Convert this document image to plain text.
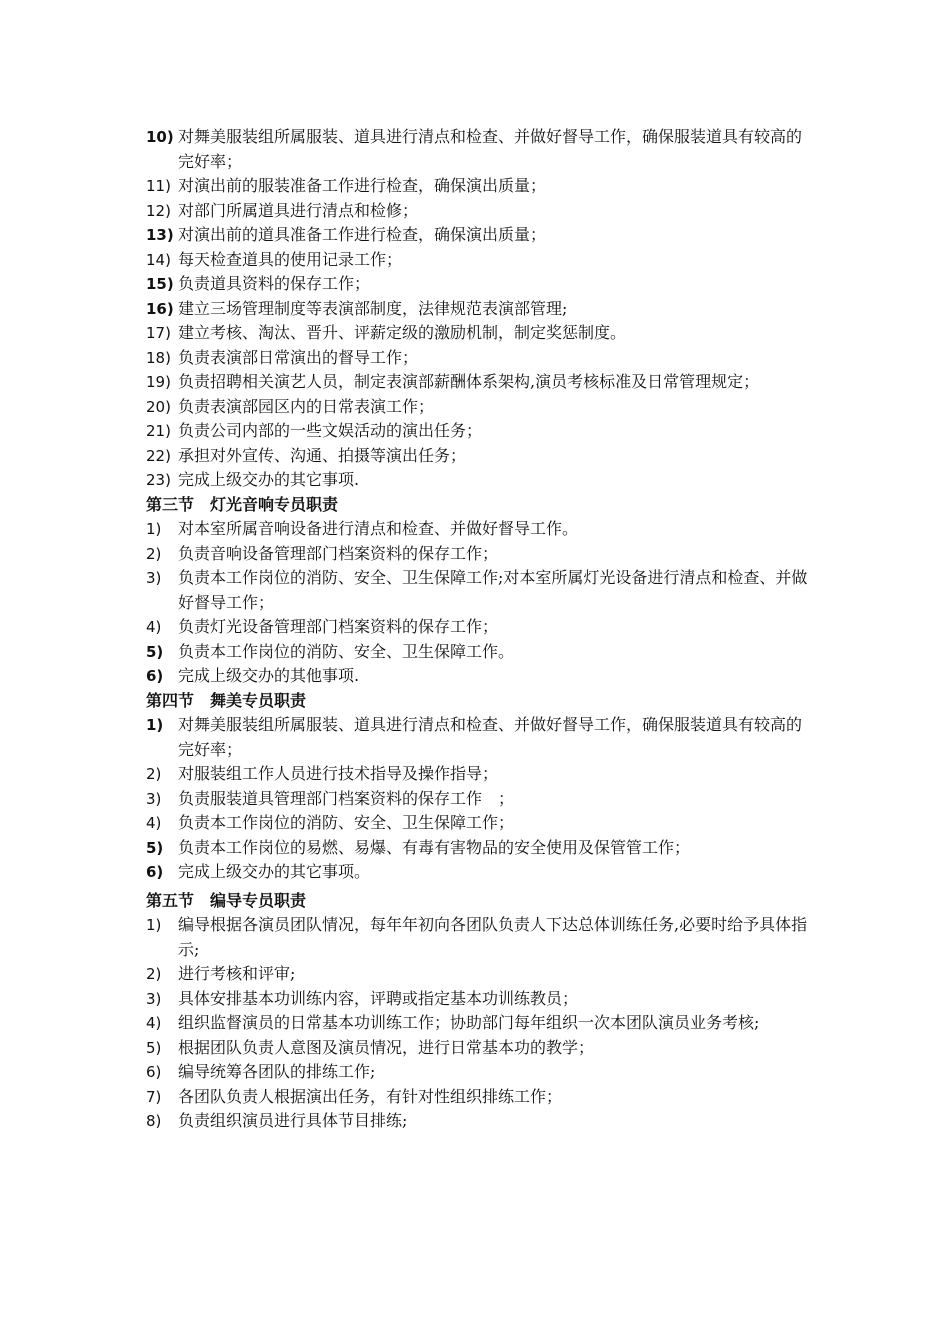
10) 对舞美服装组所属服装、道具进行清点和检查、并做好督导工作，确保服装道具有较高的完好率；
11) 对演出前的服装准备工作进行检查，确保演出质量；
12) 对部门所属道具进行清点和检修；
13) 对演出前的道具准备工作进行检查，确保演出质量；
14) 每天检查道具的使用记录工作；
15) 负责道具资料的保存工作；
16) 建立三场管理制度等表演部制度，法律规范表演部管理;
17) 建立考核、淘汰、晋升、评薪定级的激励机制，制定奖惩制度。
18) 负责表演部日常演出的督导工作；
19) 负责招聘相关演艺人员，制定表演部薪酬体系架构,演员考核标准及日常管理规定；
20) 负责表演部园区内的日常表演工作；
21) 负责公司内部的一些文娱活动的演出任务；
22) 承担对外宣传、沟通、拍摄等演出任务；
23) 完成上级交办的其它事项.
第三节　灯光音响专员职责
1)	对本室所属音响设备进行清点和检查、并做好督导工作。
2)	负责音响设备管理部门档案资料的保存工作；
3)	负责本工作岗位的消防、安全、卫生保障工作;对本室所属灯光设备进行清点和检查、并做好督导工作；
4)	负责灯光设备管理部门档案资料的保存工作；
5) 负责本工作岗位的消防、安全、卫生保障工作。
6) 完成上级交办的其他事项.
第四节　舞美专员职责
1) 对舞美服装组所属服装、道具进行清点和检查、并做好督导工作，确保服装道具有较高的完好率；
2)	对服装组工作人员进行技术指导及操作指导；
3)	负责服装道具管理部门档案资料的保存工作　；
4)	负责本工作岗位的消防、安全、卫生保障工作；
5) 负责本工作岗位的易燃、易爆、有毒有害物品的安全使用及保管管工作；
6) 完成上级交办的其它事项。
第五节　编导专员职责
1)	编导根据各演员团队情况，每年年初向各团队负责人下达总体训练任务,必要时给予具体指示;
2)	进行考核和评审;
3)	具体安排基本功训练内容，评聘或指定基本功训练教员；
4)	组织监督演员的日常基本功训练工作；协助部门每年组织一次本团队演员业务考核;
5)	根据团队负责人意图及演员情况，进行日常基本功的教学；
6)	编导统筹各团队的排练工作;
7)	各团队负责人根据演出任务，有针对性组织排练工作；
8)	负责组织演员进行具体节目排练;
